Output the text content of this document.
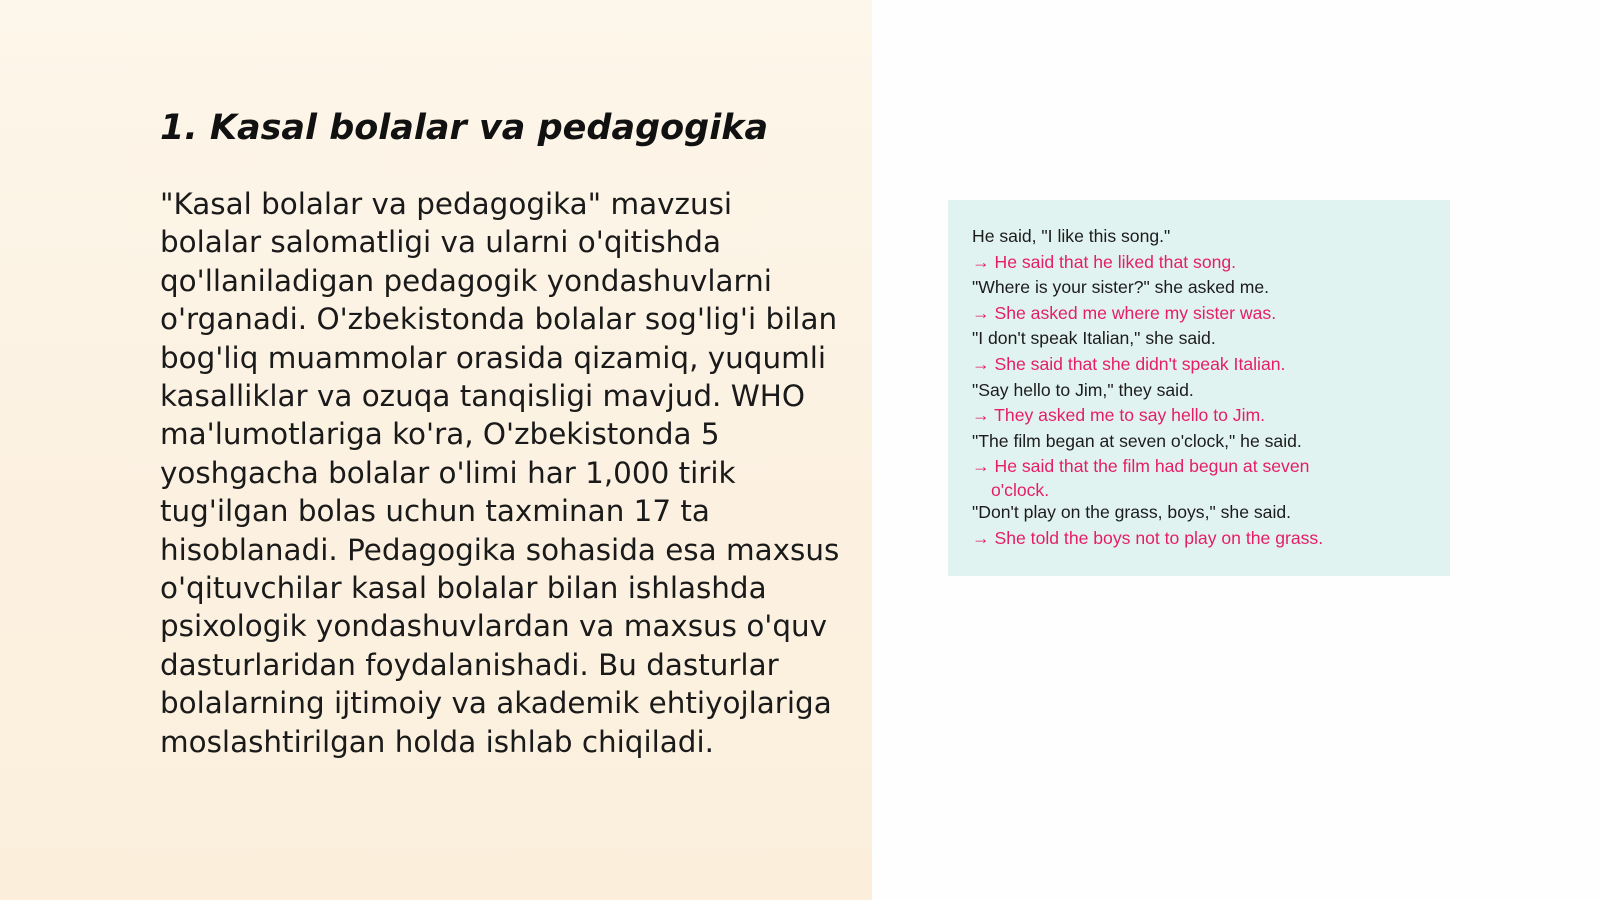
1. Kasal bolalar va pedagogika

"Kasal bolalar va pedagogika" mavzusi bolalar salomatligi va ularni o'qitishda qo'llaniladigan pedagogik yondashuvlarni o'rganadi. O'zbekistonda bolalar sog'lig'i bilan bog'liq muammolar orasida qizamiq, yuqumli kasalliklar va ozuqa tanqisligi mavjud. WHO ma'lumotlariga ko'ra, O'zbekistonda 5 yoshgacha bolalar o'limi har 1,000 tirik tug'ilgan bolas uchun taxminan 17 ta hisoblanadi. Pedagogika sohasida esa maxsus o'qituvchilar kasal bolalar bilan ishlashda psixologik yondashuvlardan va maxsus o'quv dasturlaridan foydalanishadi. Bu dasturlar bolalarning ijtimoiy va akademik ehtiyojlariga moslashtirilgan holda ishlab chiqiladi.

He said, "I like this song."

→ He said that he liked that song.

"Where is your sister?" she asked me.

→ She asked me where my sister was.

"I don't speak Italian," she said.

→ She said that she didn't speak Italian.

"Say hello to Jim," they said.

→ They asked me to say hello to Jim.

"The film began at seven o'clock," he said.

→ He said that the film had begun at seven

o'clock.

"Don't play on the grass, boys," she said.

→ She told the boys not to play on the grass.
